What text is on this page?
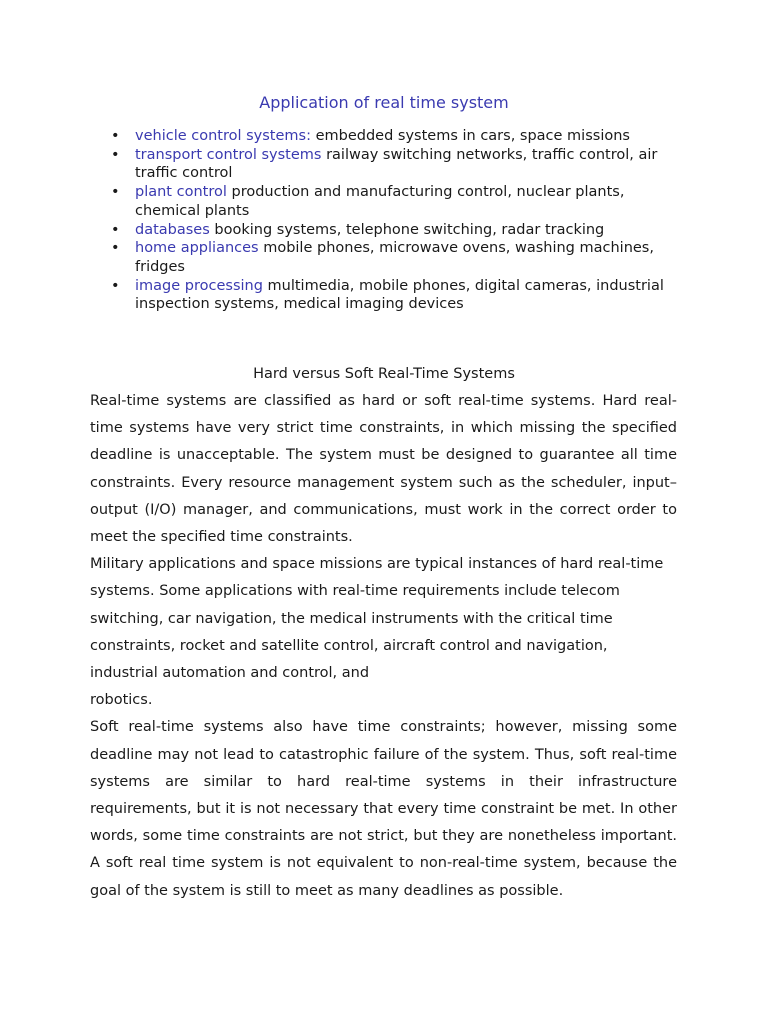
Application of real time system
• vehicle control systems: embedded systems in cars, space missions
• transport control systems railway switching networks, traffic control, air traffic control
• plant control production and manufacturing control, nuclear plants, chemical plants
• databases booking systems, telephone switching, radar tracking
• home appliances mobile phones, microwave ovens, washing machines, fridges
• image processing multimedia, mobile phones, digital cameras, industrial inspection systems, medical imaging devices
Hard versus Soft Real-Time Systems

Real-time systems are classified as hard or soft real-time systems. Hard real-time systems have very strict time constraints, in which missing the specified deadline is unacceptable. The system must be designed to guarantee all time constraints. Every resource management system such as the scheduler, input–output (I/O) manager, and communications, must work in the correct order to meet the specified time constraints.

Military applications and space missions are typical instances of hard real-time systems. Some applications with real-time requirements include telecom switching, car navigation, the medical instruments with the critical time constraints, rocket and satellite control, aircraft control and navigation, industrial automation and control, and

robotics.

Soft real-time systems also have time constraints; however, missing some deadline may not lead to catastrophic failure of the system. Thus, soft real-time systems are similar to hard real-time systems in their infrastructure requirements, but it is not necessary that every time constraint be met. In other words, some time constraints are not strict, but they are nonetheless important. A soft real time system is not equivalent to non-real-time system, because the goal of the system is still to meet as many deadlines as possible.
